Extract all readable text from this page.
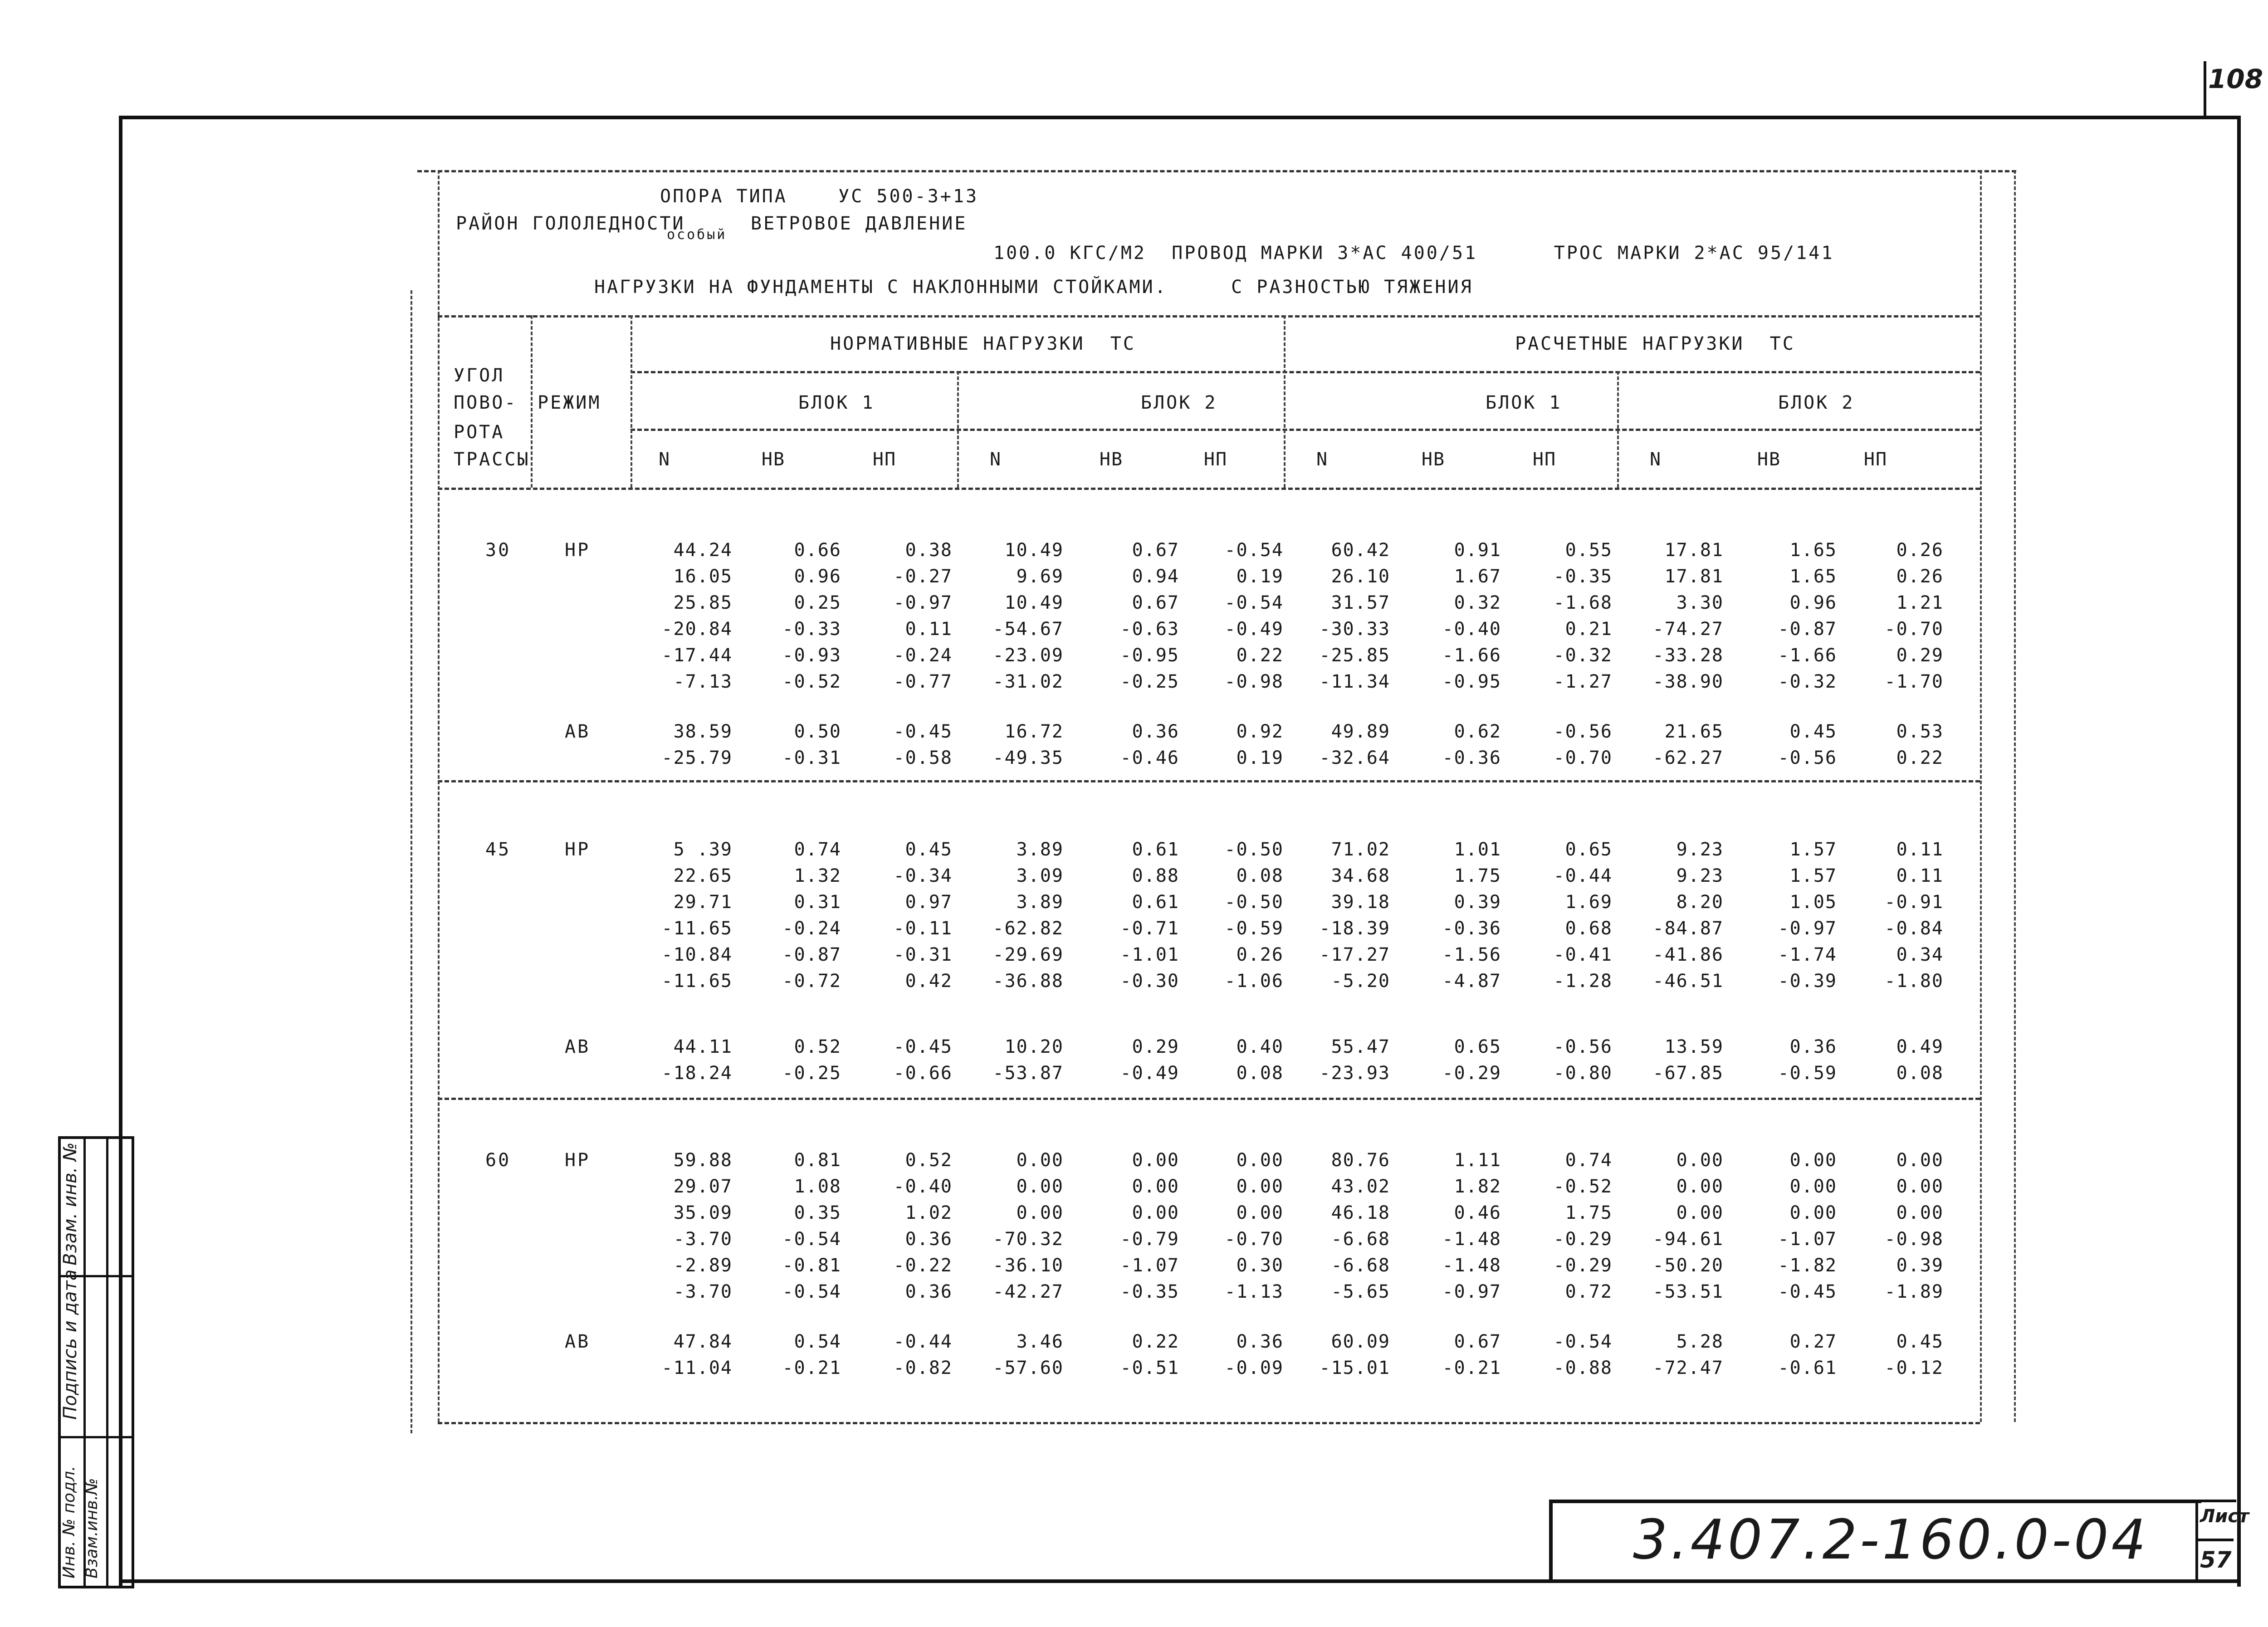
108
ОПОРА ТИПА    УС 500-3+13
РАЙОН ГОЛОЛЕДНОСТИ
особый
ВЕТРОВОЕ ДАВЛЕНИЕ
100.0 КГС/М2  ПРОВОД МАРКИ 3*АС 400/51      ТРОС МАРКИ 2*АС 95/141
НАГРУЗКИ НА ФУНДАМЕНТЫ С НАКЛОННЫМИ СТОЙКАМИ.     С РАЗНОСТЬЮ ТЯЖЕНИЯ
УГОЛ
ПОВО-
РОТА
ТРАССЫ
РЕЖИМ
НОРМАТИВНЫЕ НАГРУЗКИ  ТС	РАСЧЕТНЫЕ НАГРУЗКИ  ТС
БЛОК 1	БЛОК 2	БЛОК 1	БЛОК 2
N	НВ	НП	N	НВ	НП	N	НВ	НП	N	НВ	НП
30	НР	44.24	0.66	0.38	10.49	0.67	-0.54	60.42	0.91	0.55	17.81	1.65	0.26
16.05	0.96	-0.27	9.69	0.94	0.19	26.10	1.67	-0.35	17.81	1.65	0.26
25.85	0.25	-0.97	10.49	0.67	-0.54	31.57	0.32	-1.68	3.30	0.96	1.21
-20.84	-0.33	0.11	-54.67	-0.63	-0.49	-30.33	-0.40	0.21	-74.27	-0.87	-0.70
-17.44	-0.93	-0.24	-23.09	-0.95	0.22	-25.85	-1.66	-0.32	-33.28	-1.66	0.29
-7.13	-0.52	-0.77	-31.02	-0.25	-0.98	-11.34	-0.95	-1.27	-38.90	-0.32	-1.70
АВ	38.59	0.50	-0.45	16.72	0.36	0.92	49.89	0.62	-0.56	21.65	0.45	0.53
-25.79	-0.31	-0.58	-49.35	-0.46	0.19	-32.64	-0.36	-0.70	-62.27	-0.56	0.22
45	НР	5 .39	0.74	0.45	3.89	0.61	-0.50	71.02	1.01	0.65	9.23	1.57	0.11
22.65	1.32	-0.34	3.09	0.88	0.08	34.68	1.75	-0.44	9.23	1.57	0.11
29.71	0.31	0.97	3.89	0.61	-0.50	39.18	0.39	1.69	8.20	1.05	-0.91
-11.65	-0.24	-0.11	-62.82	-0.71	-0.59	-18.39	-0.36	0.68	-84.87	-0.97	-0.84
-10.84	-0.87	-0.31	-29.69	-1.01	0.26	-17.27	-1.56	-0.41	-41.86	-1.74	0.34
-11.65	-0.72	0.42	-36.88	-0.30	-1.06	-5.20	-4.87	-1.28	-46.51	-0.39	-1.80
АВ	44.11	0.52	-0.45	10.20	0.29	0.40	55.47	0.65	-0.56	13.59	0.36	0.49
-18.24	-0.25	-0.66	-53.87	-0.49	0.08	-23.93	-0.29	-0.80	-67.85	-0.59	0.08
60	НР	59.88	0.81	0.52	0.00	0.00	0.00	80.76	1.11	0.74	0.00	0.00	0.00
29.07	1.08	-0.40	0.00	0.00	0.00	43.02	1.82	-0.52	0.00	0.00	0.00
35.09	0.35	1.02	0.00	0.00	0.00	46.18	0.46	1.75	0.00	0.00	0.00
-3.70	-0.54	0.36	-70.32	-0.79	-0.70	-6.68	-1.48	-0.29	-94.61	-1.07	-0.98
-2.89	-0.81	-0.22	-36.10	-1.07	0.30	-6.68	-1.48	-0.29	-50.20	-1.82	0.39
-3.70	-0.54	0.36	-42.27	-0.35	-1.13	-5.65	-0.97	0.72	-53.51	-0.45	-1.89
АВ	47.84	0.54	-0.44	3.46	0.22	0.36	60.09	0.67	-0.54	5.28	0.27	0.45
-11.04	-0.21	-0.82	-57.60	-0.51	-0.09	-15.01	-0.21	-0.88	-72.47	-0.61	-0.12
Инв. № подл. Взам.инв.№
Подпись и дата
Взам. инв. №
3.407.2-160.0-04	Лист
57
